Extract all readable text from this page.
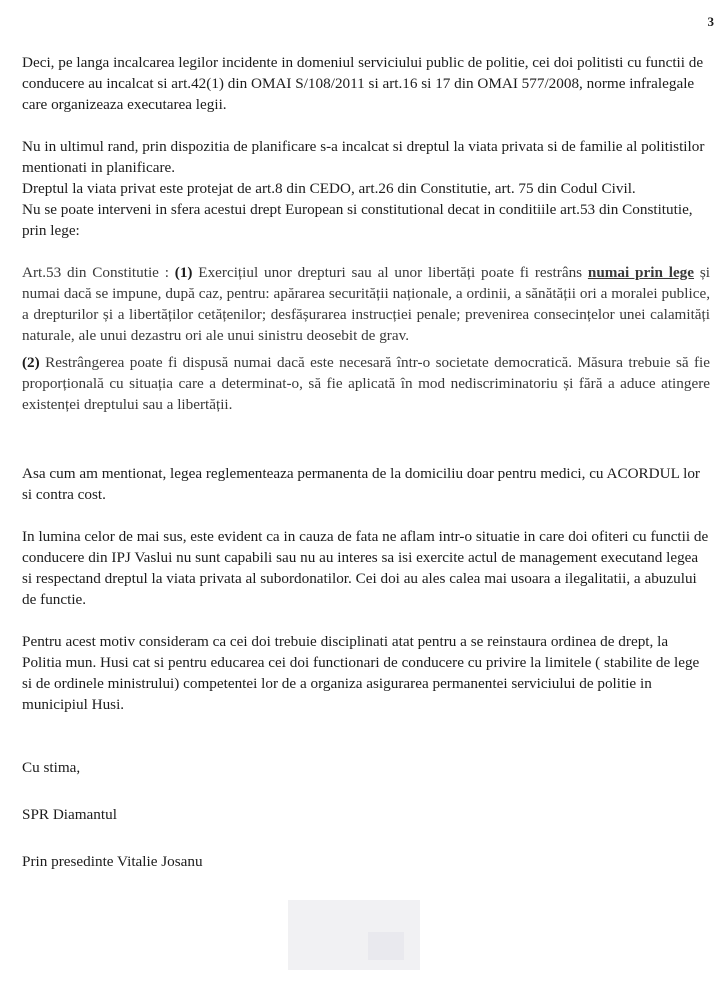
3

Deci, pe langa incalcarea legilor incidente in domeniul serviciului public de politie, cei doi politisti cu functii de conducere au incalcat si art.42(1) din OMAI S/108/2011 si art.16 si 17 din OMAI 577/2008, norme infralegale care organizeaza executarea legii.

Nu in ultimul rand, prin dispozitia de planificare s-a incalcat si dreptul la viata privata si de familie al politistilor mentionati in planificare.

Dreptul la viata privat este protejat de art.8 din CEDO, art.26 din Constitutie, art. 75 din Codul Civil.

Nu se poate interveni in sfera acestui drept European si constitutional decat in conditiile art.53 din Constitutie, prin lege:

Art.53 din Constitutie : (1) Exercițiul unor drepturi sau al unor libertăți poate fi restrâns numai prin lege și numai dacă se impune, după caz, pentru: apărarea securității naționale, a ordinii, a sănătății ori a moralei publice, a drepturilor și a libertăților cetățenilor; desfășurarea instrucției penale; prevenirea consecințelor unei calamități naturale, ale unui dezastru ori ale unui sinistru deosebit de grav.

(2) Restrângerea poate fi dispusă numai dacă este necesară într-o societate democratică. Măsura trebuie să fie proporțională cu situația care a determinat-o, să fie aplicată în mod nediscriminatoriu și fără a aduce atingere existenței dreptului sau a libertății.

Asa cum am mentionat, legea reglementeaza permanenta de la domiciliu doar pentru medici, cu ACORDUL lor si contra cost.

In lumina celor de mai sus, este evident ca in cauza de fata ne aflam intr-o situatie in care doi ofiteri cu functii de conducere din IPJ Vaslui nu sunt capabili sau nu au interes sa isi exercite actul de management executand legea si respectand dreptul la viata privata al subordonatilor. Cei doi au ales calea mai usoara a ilegalitatii, a abuzului de functie.

Pentru acest motiv consideram ca cei doi trebuie disciplinati atat pentru a se reinstaura ordinea de drept, la Politia mun. Husi cat si pentru educarea cei doi functionari de conducere cu privire la limitele ( stabilite de lege si de ordinele ministrului) competentei lor de a organiza asigurarea permanentei serviciului de politie in municipiul Husi.

Cu stima,

SPR Diamantul

Prin presedinte Vitalie Josanu
